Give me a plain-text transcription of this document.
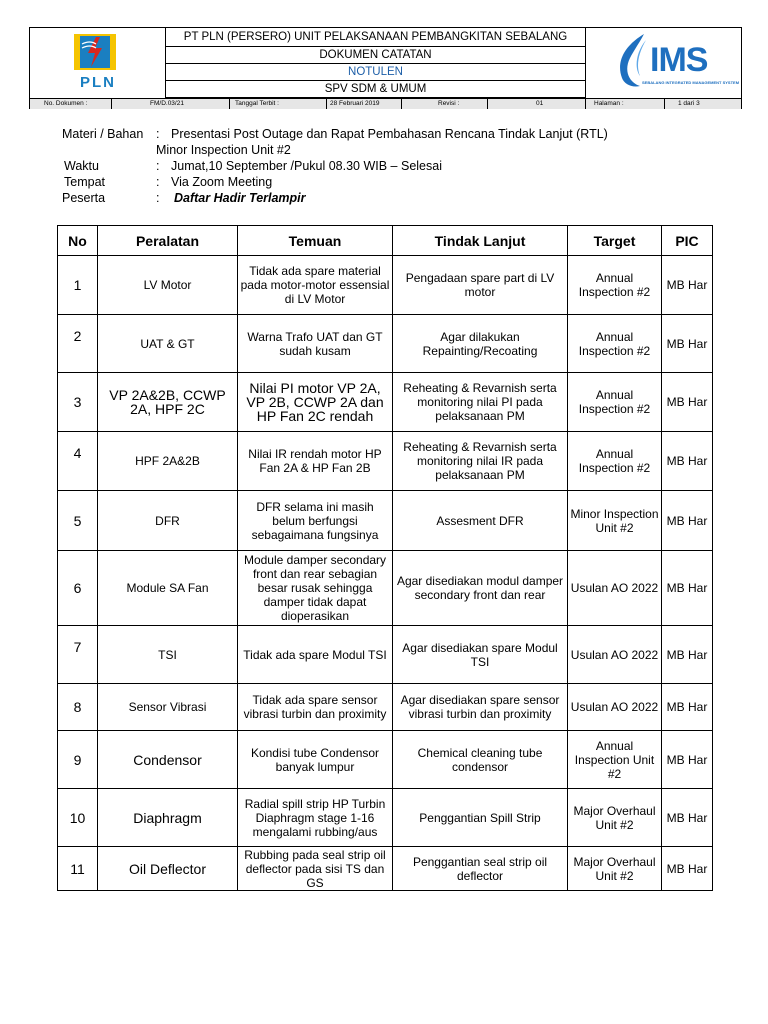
PLN
PT PLN (PERSERO) UNIT PELAKSANAAN PEMBANGKITAN SEBALANG
DOKUMEN CATATAN
NOTULEN
SPV SDM & UMUM
IMS
SEBALANG INTEGRATED MANAGEMENT SYSTEM
No. Dokumen :	FM/D.03/21	Tanggal Terbit :	28 Februari 2019	Revisi :	01	Halaman :	1 dari 3
Materi / Bahan : Presentasi Post Outage dan Rapat Pembahasan Rencana Tindak Lanjut (RTL)
Minor Inspection Unit #2
Waktu	: Jumat,10 September /Pukul 08.30 WIB – Selesai
Tempat	: Via Zoom Meeting
Peserta	: Daftar Hadir Terlampir
No	Peralatan	Temuan	Tindak Lanjut	Target	PIC
1	LV Motor	Tidak ada spare material pada motor-motor essensial di LV Motor	Pengadaan spare part di LV motor	Annual Inspection #2	MB Har
2	UAT & GT	Warna Trafo UAT dan GT sudah kusam	Agar dilakukan Repainting/Recoating	Annual Inspection #2	MB Har
3	VP 2A&2B, CCWP 2A, HPF 2C	Nilai PI motor VP 2A, VP 2B, CCWP 2A dan HP Fan 2C rendah	Reheating & Revarnish serta monitoring nilai PI pada pelaksanaan PM	Annual Inspection #2	MB Har
4	HPF 2A&2B	Nilai IR rendah motor HP Fan 2A & HP Fan 2B	Reheating & Revarnish serta monitoring nilai IR pada pelaksanaan PM	Annual Inspection #2	MB Har
5	DFR	DFR selama ini masih belum berfungsi sebagaimana fungsinya	Assesment DFR	Minor Inspection Unit #2	MB Har
6	Module SA Fan	Module damper secondary front dan rear sebagian besar rusak sehingga damper tidak dapat dioperasikan	Agar disediakan modul damper secondary front dan rear	Usulan AO 2022	MB Har
7	TSI	Tidak ada spare Modul TSI	Agar disediakan spare Modul TSI	Usulan AO 2022	MB Har
8	Sensor Vibrasi	Tidak ada spare sensor vibrasi turbin dan proximity	Agar disediakan spare sensor vibrasi turbin dan proximity	Usulan AO 2022	MB Har
9	Condensor	Kondisi tube Condensor banyak lumpur	Chemical cleaning tube condensor	Annual Inspection Unit #2	MB Har
10	Diaphragm	Radial spill strip HP Turbin Diaphragm stage 1-16 mengalami rubbing/aus	Penggantian Spill Strip	Major Overhaul Unit #2	MB Har
11	Oil Deflector	Rubbing pada seal strip oil deflector pada sisi TS dan GS	Penggantian seal strip oil deflector	Major Overhaul Unit #2	MB Har
